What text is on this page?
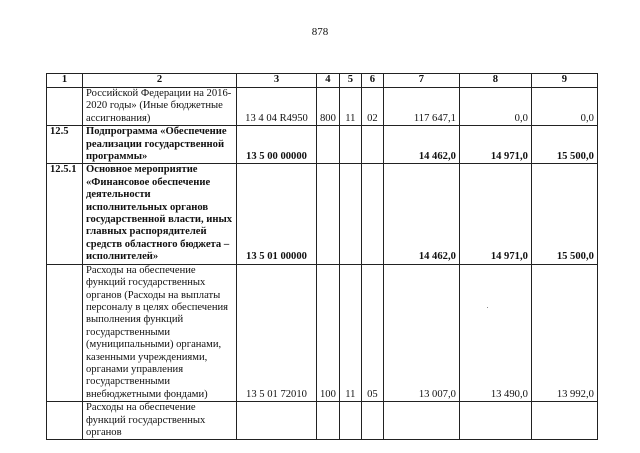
878
1	2	3	4	5	6	7	8	9
	Российской Федерации на 2016-2020 годы» (Иные бюджетные ассигнования)	13 4 04 R4950	800	11	02	117 647,1	0,0	0,0
12.5	Подпрограмма «Обеспечение реализации государственной программы»	13 5 00 00000				14 462,0	14 971,0	15 500,0
12.5.1	Основное мероприятие «Финансовое обеспечение деятельности исполнительных органов государственной власти, иных главных распорядителей средств областного бюджета – исполнителей»	13 5 01 00000				14 462,0	14 971,0	15 500,0
	Расходы на обеспечение функций государственных органов (Расходы на выплаты персоналу в целях обеспечения выполнения функций государственными (муниципальными) органами, казенными учреждениями, органами управления государственными внебюджетными фондами)	13 5 01 72010	100	11	05	13 007,0	13 490,0	13 992,0
	Расходы на обеспечение функций государственных органов							
